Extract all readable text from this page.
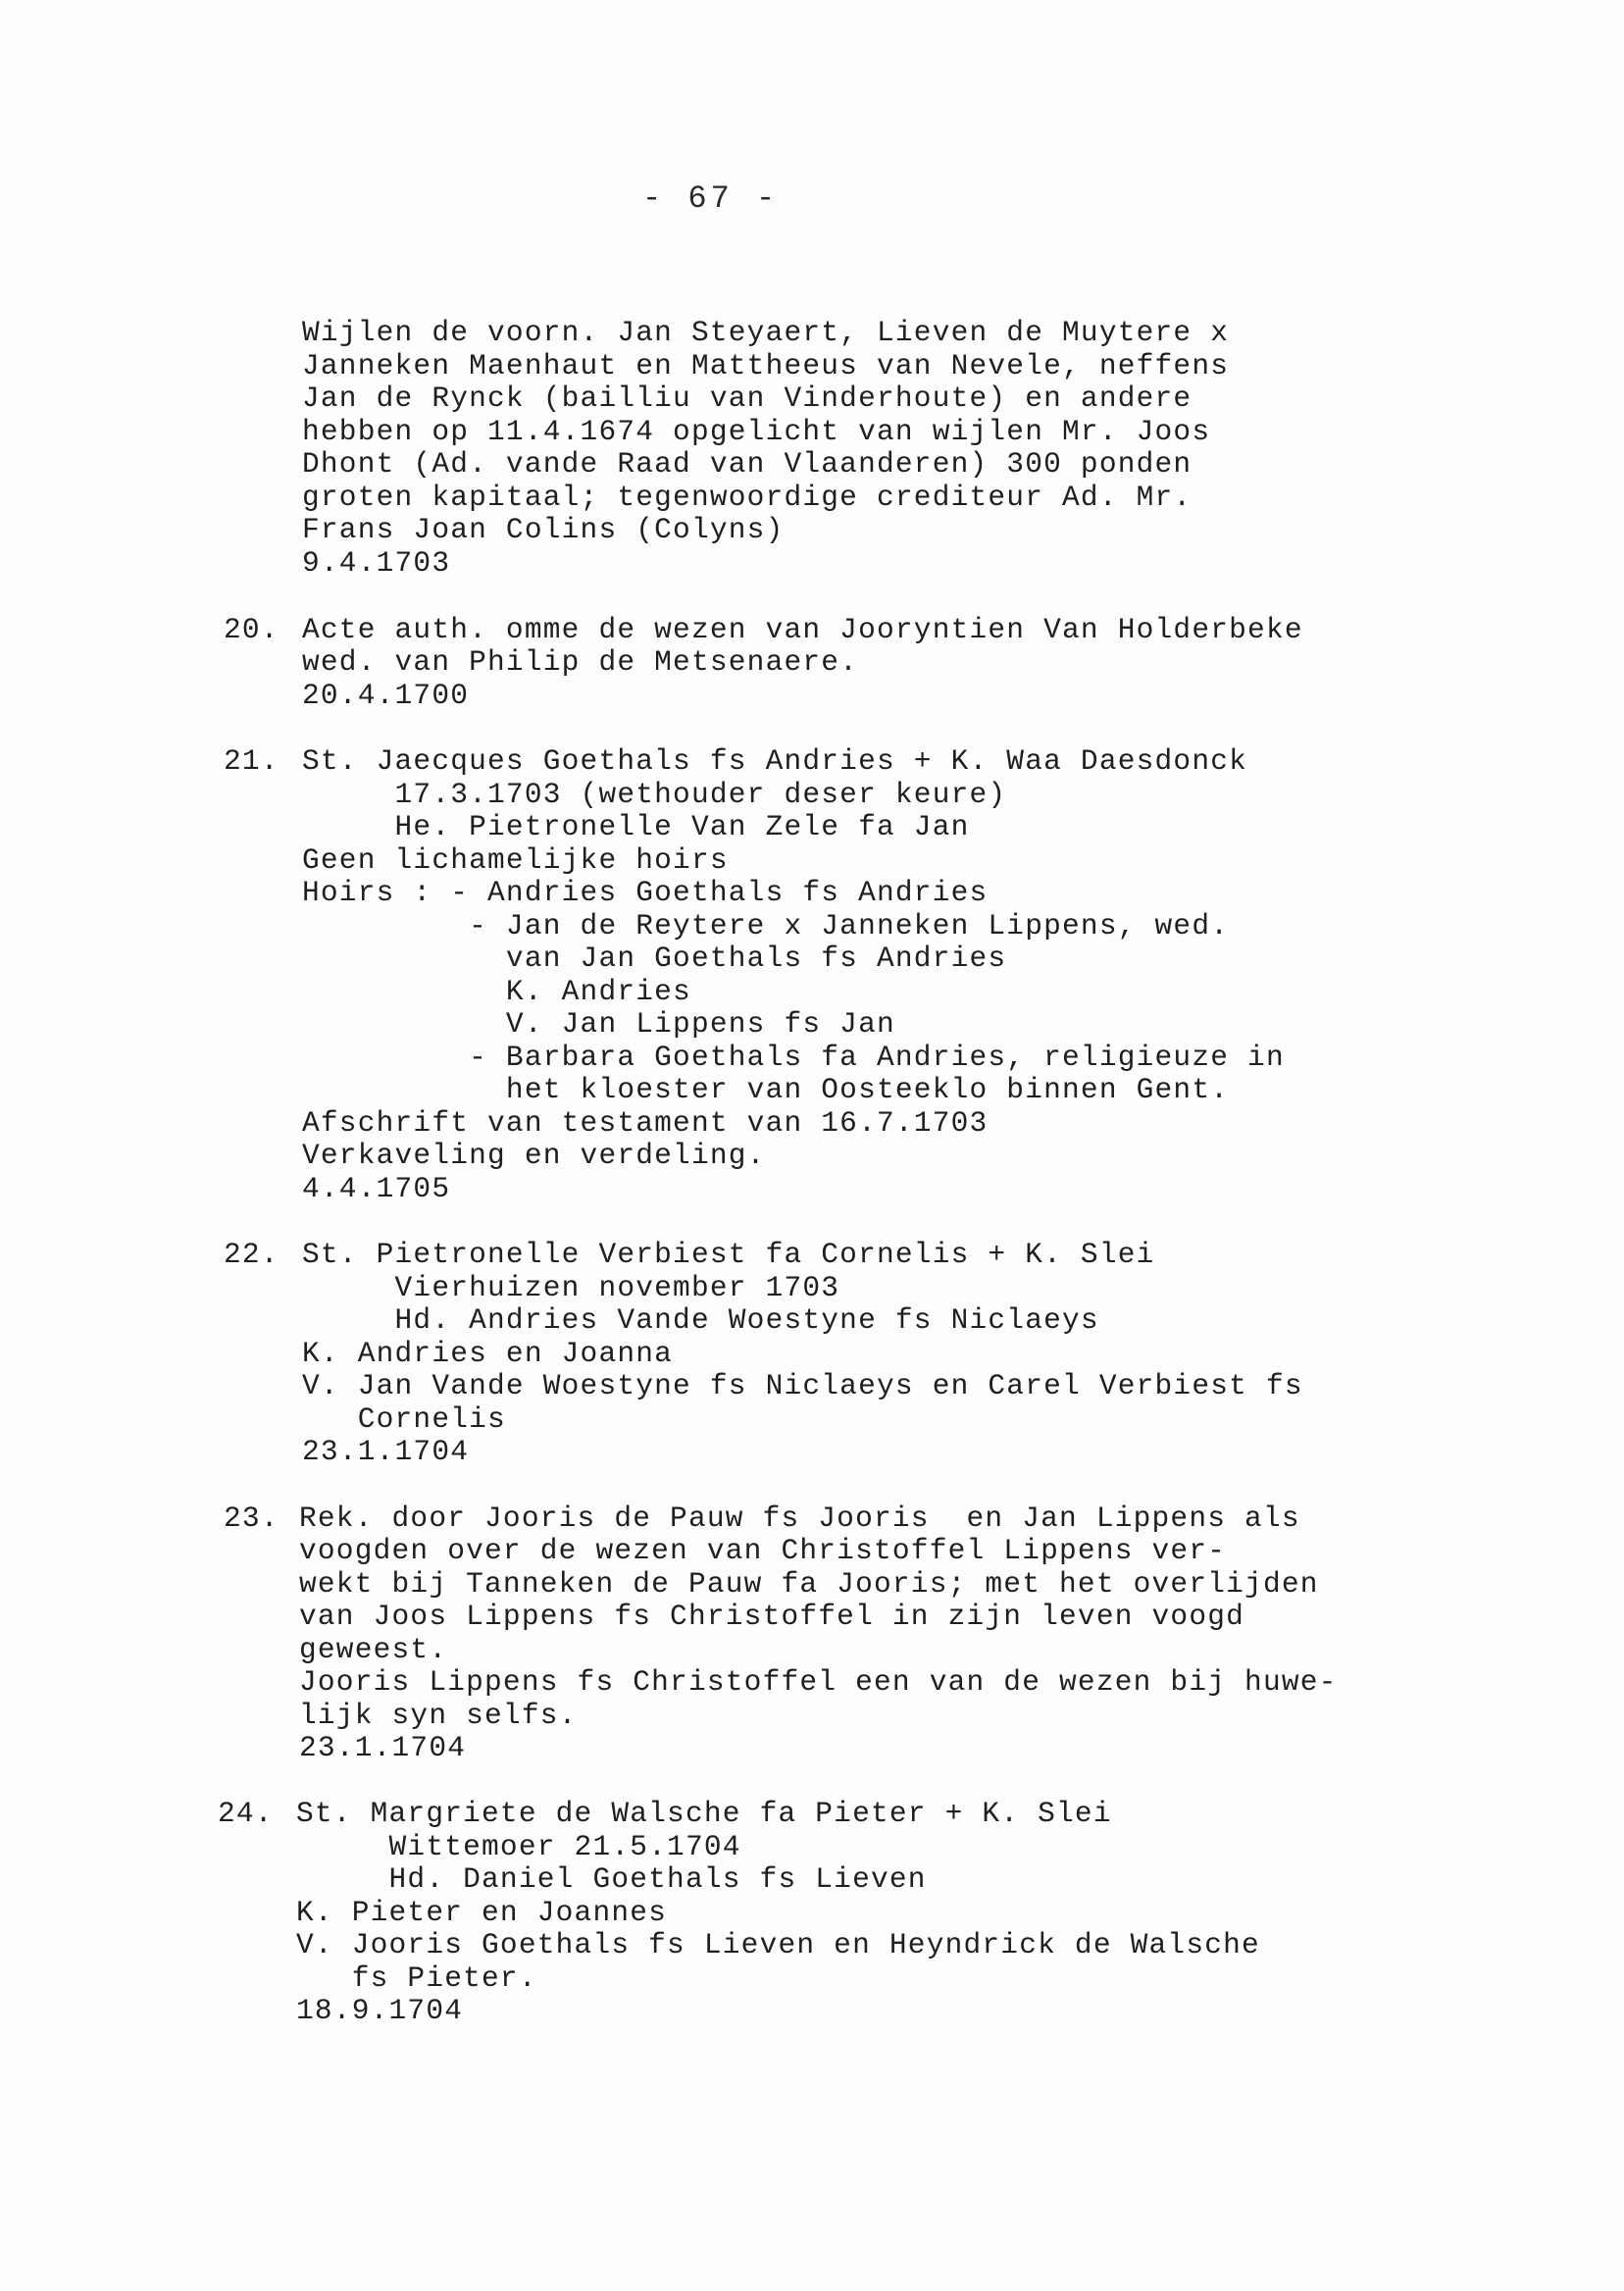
- 67 -
Wijlen de voorn. Jan Steyaert, Lieven de Muytere x
Janneken Maenhaut en Mattheeus van Nevele, neffens
Jan de Rynck (bailliu van Vinderhoute) en andere
hebben op 11.4.1674 opgelicht van wijlen Mr. Joos
Dhont (Ad. vande Raad van Vlaanderen) 300 ponden
groten kapitaal; tegenwoordige crediteur Ad. Mr.
Frans Joan Colins (Colyns)
9.4.1703
20. Acte auth. omme de wezen van Jooryntien Van Holderbeke
wed. van Philip de Metsenaere.
20.4.1700
21. St. Jaecques Goethals fs Andries + K. Waa Daesdonck
17.3.1703 (wethouder deser keure)
He. Pietronelle Van Zele fa Jan
Geen lichamelijke hoirs
Hoirs : - Andries Goethals fs Andries
- Jan de Reytere x Janneken Lippens, wed.
van Jan Goethals fs Andries
K. Andries
V. Jan Lippens fs Jan
- Barbara Goethals fa Andries, religieuze in
het kloester van Oosteeklo binnen Gent.
Afschrift van testament van 16.7.1703
Verkaveling en verdeling.
4.4.1705
22. St. Pietronelle Verbiest fa Cornelis + K. Slei
Vierhuizen november 1703
Hd. Andries Vande Woestyne fs Niclaeys
K. Andries en Joanna
V. Jan Vande Woestyne fs Niclaeys en Carel Verbiest fs
Cornelis
23.1.1704
23. Rek. door Jooris de Pauw fs Jooris  en Jan Lippens als
voogden over de wezen van Christoffel Lippens ver-
wekt bij Tanneken de Pauw fa Jooris; met het overlijden
van Joos Lippens fs Christoffel in zijn leven voogd
geweest.
Jooris Lippens fs Christoffel een van de wezen bij huwe-
lijk syn selfs.
23.1.1704
24. St. Margriete de Walsche fa Pieter + K. Slei
Wittemoer 21.5.1704
Hd. Daniel Goethals fs Lieven
K. Pieter en Joannes
V. Jooris Goethals fs Lieven en Heyndrick de Walsche
fs Pieter.
18.9.1704
